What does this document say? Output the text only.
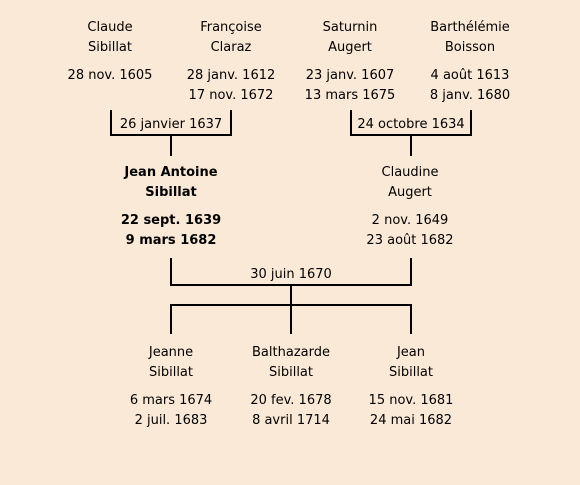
Claude
Sibillat
28 nov. 1605
Françoise
Claraz
28 janv. 1612
17 nov. 1672
Saturnin
Augert
23 janv. 1607
13 mars 1675
Barthélémie
Boisson
4 août 1613
8 janv. 1680
26 janvier 1637	24 octobre 1634
Jean Antoine
Sibillat
22 sept. 1639
9 mars 1682
Claudine
Augert
2 nov. 1649
23 août 1682
30 juin 1670
Jeanne
Sibillat
6 mars 1674
2 juil. 1683
Balthazarde
Sibillat
20 fev. 1678
8 avril 1714
Jean
Sibillat
15 nov. 1681
24 mai 1682
